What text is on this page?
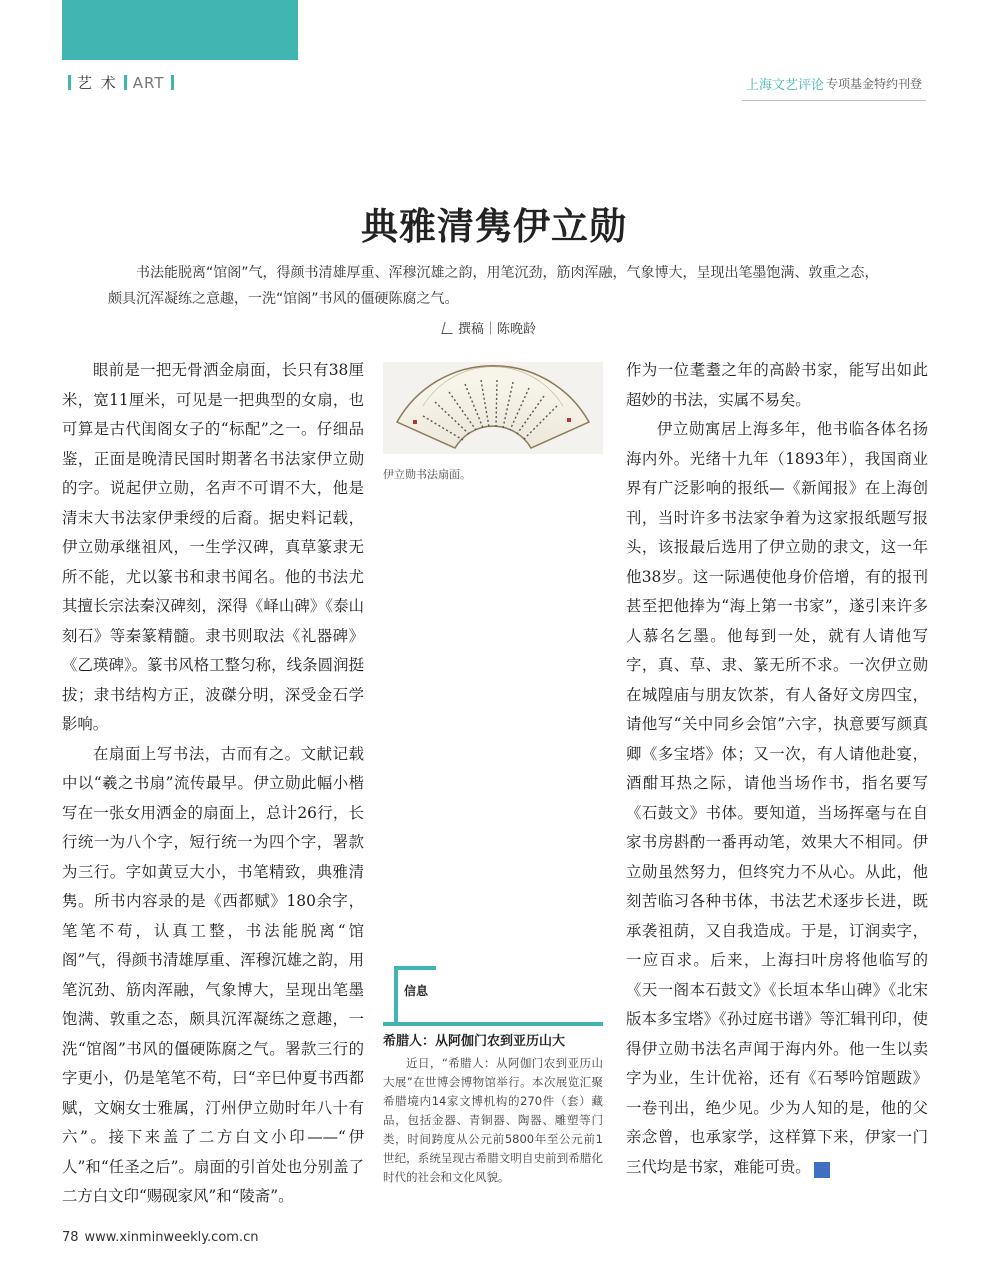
艺 术 ART	上海文艺评论 专项基金特约刊登
典雅清隽伊立勋

书法能脱离“馆阁”气，得颜书清雄厚重、浑穆沉雄之韵，用笔沉劲，筋肉浑融，气象博大，呈现出笔墨饱满、敦重之态，颇具沉浑凝练之意趣，一洗“馆阁”书风的僵硬陈腐之气。

撰稿｜陈晚龄

眼前是一把无骨洒金扇面，长只有38厘米，宽11厘米，可见是一把典型的女扇，也可算是古代闺阁女子的“标配”之一。仔细品鉴，正面是晚清民国时期著名书法家伊立勋的字。说起伊立勋，名声不可谓不大，他是清末大书法家伊秉绶的后裔。据史料记载，伊立勋承继祖风，一生学汉碑，真草篆隶无所不能，尤以篆书和隶书闻名。他的书法尤其擅长宗法秦汉碑刻，深得《峄山碑》《泰山刻石》等秦篆精髓。隶书则取法《礼器碑》《乙瑛碑》。篆书风格工整匀称，线条圆润挺拔；隶书结构方正，波磔分明，深受金石学影响。

在扇面上写书法，古而有之。文献记载中以“羲之书扇”流传最早。伊立勋此幅小楷写在一张女用洒金的扇面上，总计26行，长行统一为八个字，短行统一为四个字，署款为三行。字如黄豆大小，书笔精致，典雅清隽。所书内容录的是《西都赋》180余字，笔笔不苟，认真工整，书法能脱离“馆阁”气，得颜书清雄厚重、浑穆沉雄之韵，用笔沉劲、筋肉浑融，气象博大，呈现出笔墨饱满、敦重之态，颇具沉浑凝练之意趣，一洗“馆阁”书风的僵硬陈腐之气。署款三行的字更小，仍是笔笔不苟，曰“辛巳仲夏书西都赋，文娴女士雅属，汀州伊立勋时年八十有六”。接下来盖了二方白文小印——“伊人”和“任圣之后”。扇面的引首处也分别盖了二方白文印“赐砚家风”和“陵斋”。

伊立勋书法扇面。
信息
希腊人：从阿伽门农到亚历山大

近日，“希腊人：从阿伽门农到亚历山大展”在世博会博物馆举行。本次展览汇聚希腊境内14家文博机构的270件（套）藏品，包括金器、青铜器、陶器、雕塑等门类，时间跨度从公元前5800年至公元前1世纪，系统呈现古希腊文明自史前到希腊化时代的社会和文化风貌。

作为一位耄耋之年的高龄书家，能写出如此超妙的书法，实属不易矣。

伊立勋寓居上海多年，他书临各体名扬海内外。光绪十九年（1893年），我国商业界有广泛影响的报纸—《新闻报》在上海创刊，当时许多书法家争着为这家报纸题写报头，该报最后选用了伊立勋的隶文，这一年他38岁。这一际遇使他身价倍增，有的报刊甚至把他捧为“海上第一书家”，遂引来许多人慕名乞墨。他每到一处，就有人请他写字，真、草、隶、篆无所不求。一次伊立勋在城隍庙与朋友饮茶，有人备好文房四宝，请他写“关中同乡会馆”六字，执意要写颜真卿《多宝塔》体；又一次，有人请他赴宴，酒酣耳热之际，请他当场作书，指名要写《石鼓文》书体。要知道，当场挥毫与在自家书房斟酌一番再动笔，效果大不相同。伊立勋虽然努力，但终究力不从心。从此，他刻苦临习各种书体，书法艺术逐步长进，既承袭祖荫，又自我造成。于是，订润卖字，一应百求。后来，上海扫叶房将他临写的《天一阁本石鼓文》《长垣本华山碑》《北宋版本多宝塔》《孙过庭书谱》等汇辑刊印，使得伊立勋书法名声闻于海内外。他一生以卖字为业，生计优裕，还有《石琴吟馆题跋》一卷刊出，绝少见。少为人知的是，他的父亲念曾，也承家学，这样算下来，伊家一门三代均是书家，难能可贵。	民

78 www.xinminweekly.com.cn
